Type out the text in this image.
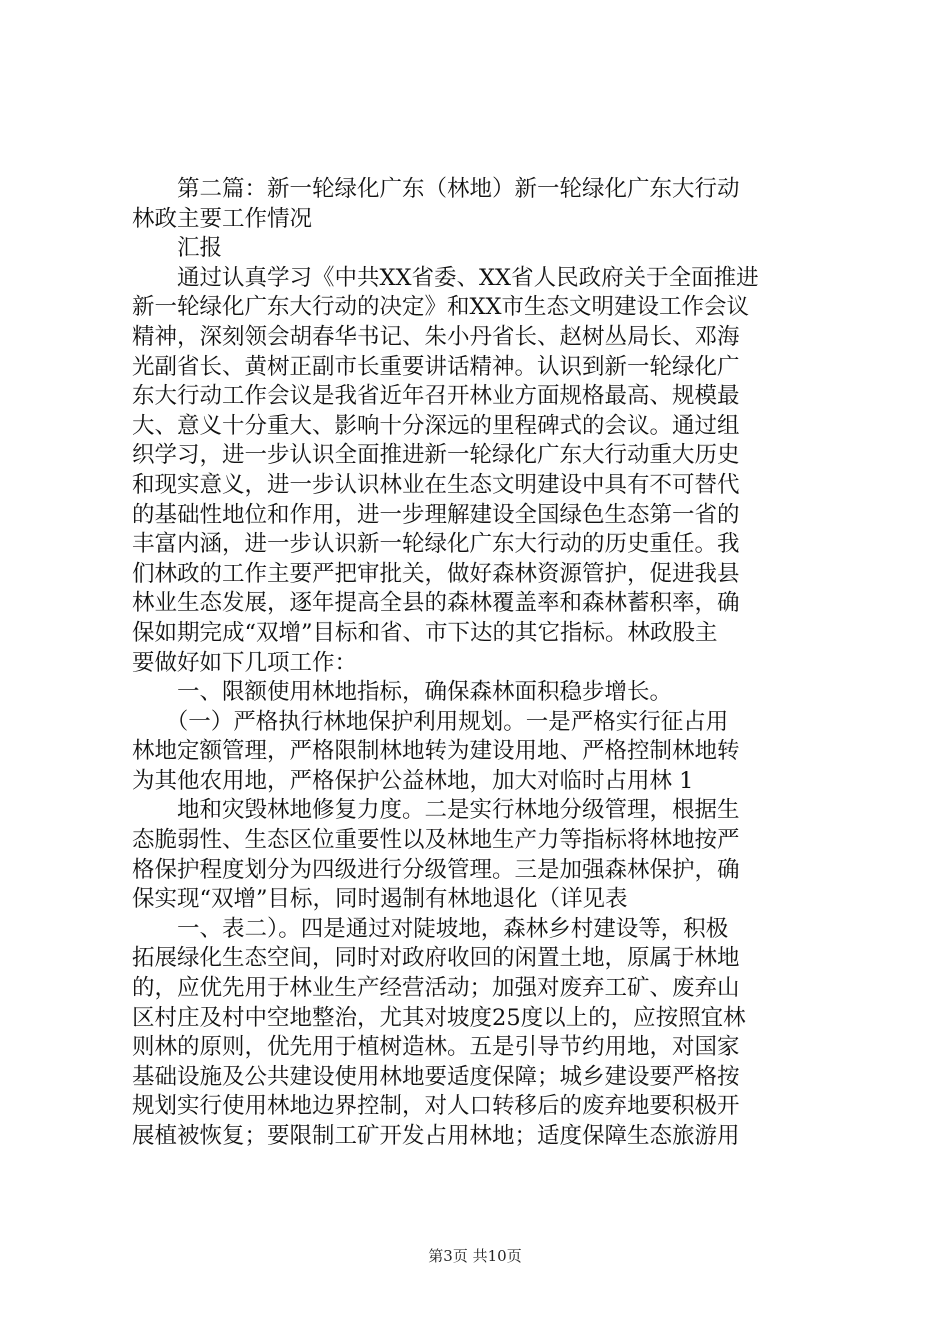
　　第二篇：新一轮绿化广东（林地）新一轮绿化广东大行动
林政主要工作情况
　　汇报
　　通过认真学习《中共XX省委、XX省人民政府关于全面推进
新一轮绿化广东大行动的决定》和XX市生态文明建设工作会议
精神，深刻领会胡春华书记、朱小丹省长、赵树丛局长、邓海
光副省长、黄树正副市长重要讲话精神。认识到新一轮绿化广
东大行动工作会议是我省近年召开林业方面规格最高、规模最
大、意义十分重大、影响十分深远的里程碑式的会议。通过组
织学习，进一步认识全面推进新一轮绿化广东大行动重大历史
和现实意义，进一步认识林业在生态文明建设中具有不可替代
的基础性地位和作用，进一步理解建设全国绿色生态第一省的
丰富内涵，进一步认识新一轮绿化广东大行动的历史重任。我
们林政的工作主要严把审批关，做好森林资源管护，促进我县
林业生态发展，逐年提高全县的森林覆盖率和森林蓄积率，确
保如期完成“双增”目标和省、市下达的其它指标。林政股主
要做好如下几项工作：
　　一、限额使用林地指标，确保森林面积稳步增长。
　　（一）严格执行林地保护利用规划。一是严格实行征占用
林地定额管理，严格限制林地转为建设用地、严格控制林地转
为其他农用地，严格保护公益林地，加大对临时占用林 1
　　地和灾毁林地修复力度。二是实行林地分级管理，根据生
态脆弱性、生态区位重要性以及林地生产力等指标将林地按严
格保护程度划分为四级进行分级管理。三是加强森林保护，确
保实现“双增”目标，同时遏制有林地退化（详见表
　　一、表二）。四是通过对陡坡地，森林乡村建设等，积极
拓展绿化生态空间，同时对政府收回的闲置土地，原属于林地
的，应优先用于林业生产经营活动；加强对废弃工矿、废弃山
区村庄及村中空地整治，尤其对坡度25度以上的，应按照宜林
则林的原则，优先用于植树造林。五是引导节约用地，对国家
基础设施及公共建设使用林地要适度保障；城乡建设要严格按
规划实行使用林地边界控制，对人口转移后的废弃地要积极开
展植被恢复；要限制工矿开发占用林地；适度保障生态旅游用
第3页 共10页
